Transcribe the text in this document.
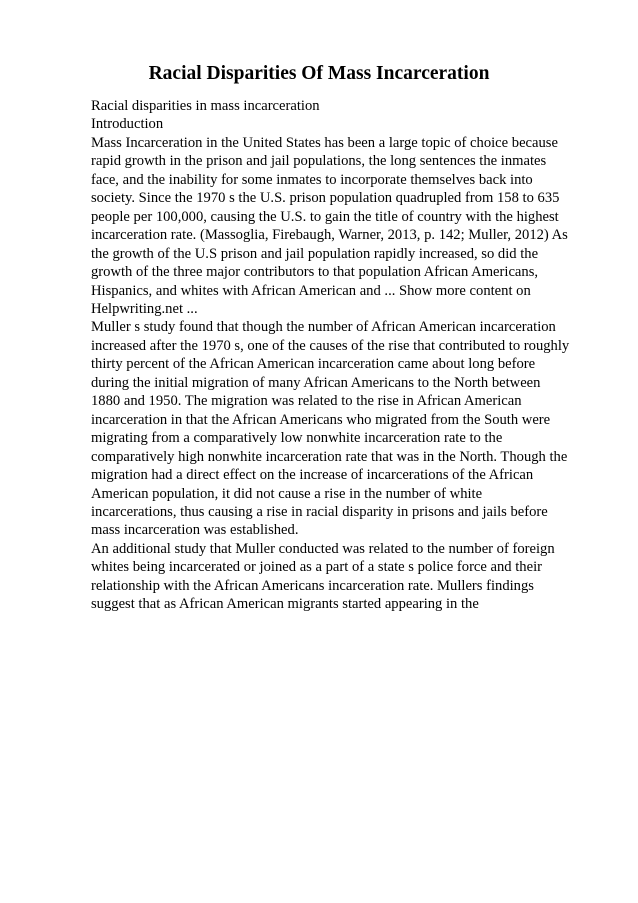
Racial Disparities Of Mass Incarceration

Racial disparities in mass incarceration

Introduction

Mass Incarceration in the United States has been a large topic of choice because rapid growth in the prison and jail populations, the long sentences the inmates face, and the inability for some inmates to incorporate themselves back into society. Since the 1970 s the U.S. prison population quadrupled from 158 to 635 people per 100,000, causing the U.S. to gain the title of country with the highest incarceration rate. (Massoglia, Firebaugh, Warner, 2013, p. 142; Muller, 2012) As the growth of the U.S prison and jail population rapidly increased, so did the growth of the three major contributors to that population African Americans, Hispanics, and whites with African American and ... Show more content on Helpwriting.net ...

Muller s study found that though the number of African American incarceration increased after the 1970 s, one of the causes of the rise that contributed to roughly thirty percent of the African American incarceration came about long before during the initial migration of many African Americans to the North between 1880 and 1950. The migration was related to the rise in African American incarceration in that the African Americans who migrated from the South were migrating from a comparatively low nonwhite incarceration rate to the comparatively high nonwhite incarceration rate that was in the North. Though the migration had a direct effect on the increase of incarcerations of the African American population, it did not cause a rise in the number of white incarcerations, thus causing a rise in racial disparity in prisons and jails before mass incarceration was established.

An additional study that Muller conducted was related to the number of foreign whites being incarcerated or joined as a part of a state s police force and their relationship with the African Americans incarceration rate. Mullers findings suggest that as African American migrants started appearing in the
